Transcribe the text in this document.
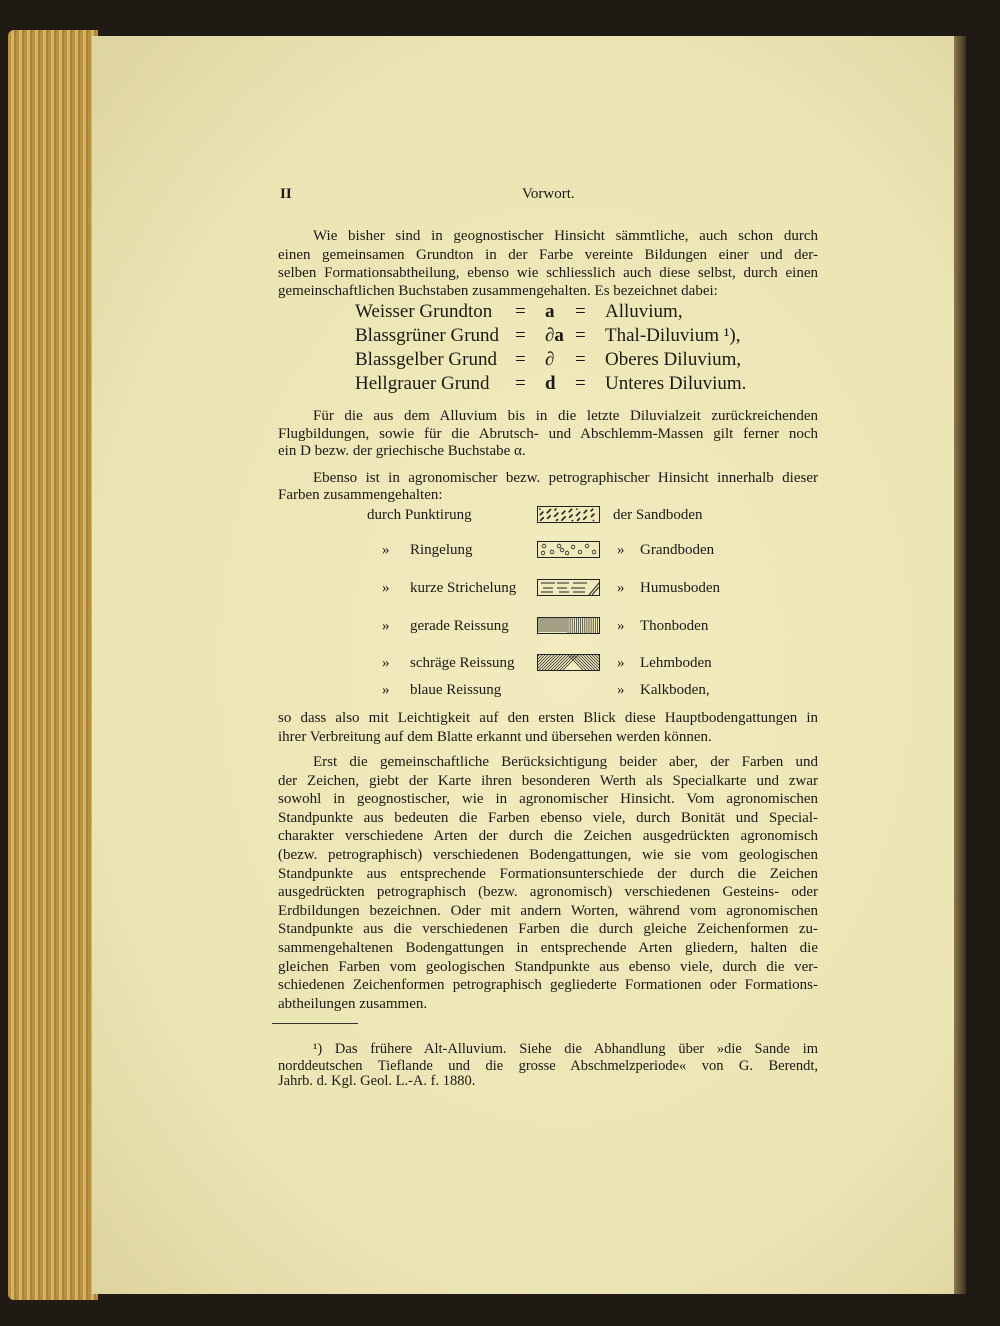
II	Vorwort.
Wie bisher sind in geognostischer Hinsicht sämmtliche, auch schon durch
einen gemeinsamen Grundton in der Farbe vereinte Bildungen einer und der-
selben Formationsabtheilung, ebenso wie schliesslich auch diese selbst, durch einen
gemeinschaftlichen Buchstaben zusammengehalten. Es bezeichnet dabei:
Für die aus dem Alluvium bis in die letzte Diluvialzeit zurückreichenden
Flugbildungen, sowie für die Abrutsch- und Abschlemm-Massen gilt ferner noch
ein D bezw. der griechische Buchstabe α.
Ebenso ist in agronomischer bezw. petrographischer Hinsicht innerhalb dieser
Farben zusammengehalten:
so dass also mit Leichtigkeit auf den ersten Blick diese Hauptbodengattungen in
ihrer Verbreitung auf dem Blatte erkannt und übersehen werden können.
Erst die gemeinschaftliche Berücksichtigung beider aber, der Farben und
der Zeichen, giebt der Karte ihren besonderen Werth als Specialkarte und zwar
sowohl in geognostischer, wie in agronomischer Hinsicht. Vom agronomischen
Standpunkte aus bedeuten die Farben ebenso viele, durch Bonität und Special-
charakter verschiedene Arten der durch die Zeichen ausgedrückten agronomisch
(bezw. petrographisch) verschiedenen Bodengattungen, wie sie vom geologischen
Standpunkte aus entsprechende Formationsunterschiede der durch die Zeichen
ausgedrückten petrographisch (bezw. agronomisch) verschiedenen Gesteins- oder
Erdbildungen bezeichnen. Oder mit andern Worten, während vom agronomischen
Standpunkte aus die verschiedenen Farben die durch gleiche Zeichenformen zu-
sammengehaltenen Bodengattungen in entsprechende Arten gliedern, halten die
gleichen Farben vom geologischen Standpunkte aus ebenso viele, durch die ver-
schiedenen Zeichenformen petrographisch gegliederte Formationen oder Formations-
abtheilungen zusammen.
¹) Das frühere Alt-Alluvium. Siehe die Abhandlung über »die Sande im
norddeutschen Tieflande und die grosse Abschmelzperiode« von G. Berendt,
Jahrb. d. Kgl. Geol. L.-A. f. 1880.
Weisser Grundton = a = Alluvium,
Blassgrüner Grund = ∂a = Thal-Diluvium ¹),
Blassgelber Grund = ∂ = Oberes Diluvium,
Hellgrauer Grund = d = Unteres Diluvium.
durch Punktirung	der Sandboden
» Ringelung	» Grandboden
» kurze Strichelung	» Humusboden
» gerade Reissung	» Thonboden
» schräge Reissung	» Lehmboden
» blaue Reissung	» Kalkboden,
